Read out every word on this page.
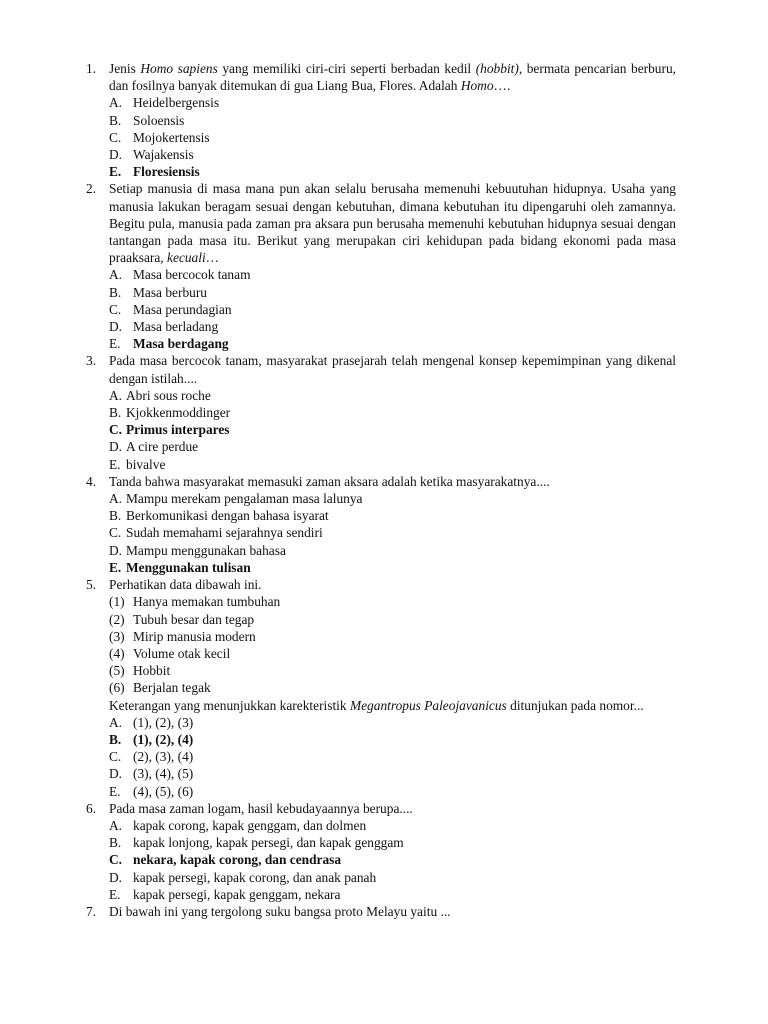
1. Jenis Homo sapiens yang memiliki ciri-ciri seperti berbadan kedil (hobbit), bermata pencarian berburu, dan fosilnya banyak ditemukan di gua Liang Bua, Flores. Adalah Homo….
A. Heidelbergensis
B. Soloensis
C. Mojokertensis
D. Wajakensis
E. Floresiensis
2. Setiap manusia di masa mana pun akan selalu berusaha memenuhi kebuutuhan hidupnya. Usaha yang manusia lakukan beragam sesuai dengan kebutuhan, dimana kebutuhan itu dipengaruhi oleh zamannya. Begitu pula, manusia pada zaman pra aksara pun berusaha memenuhi kebutuhan hidupnya sesuai dengan tantangan pada masa itu. Berikut yang merupakan ciri kehidupan pada bidang ekonomi pada masa praaksara, kecuali…
A. Masa bercocok tanam
B. Masa berburu
C. Masa perundagian
D. Masa berladang
E. Masa berdagang
3. Pada masa bercocok tanam, masyarakat prasejarah telah mengenal konsep kepemimpinan yang dikenal dengan istilah....
A. Abri sous roche
B. Kjokkenmoddinger
C. Primus interpares
D. A cire perdue
E. bivalve
4. Tanda bahwa masyarakat memasuki zaman aksara adalah ketika masyarakatnya....
A. Mampu merekam pengalaman masa lalunya
B. Berkomunikasi dengan bahasa isyarat
C. Sudah memahami sejarahnya sendiri
D. Mampu menggunakan bahasa
E. Menggunakan tulisan
5. Perhatikan data dibawah ini.
(1) Hanya memakan tumbuhan
(2) Tubuh besar dan tegap
(3) Mirip manusia modern
(4) Volume otak kecil
(5) Hobbit
(6) Berjalan tegak
Keterangan yang menunjukkan karekteristik Megantropus Paleojavanicus ditunjukan pada nomor...
A. (1), (2), (3)
B. (1), (2), (4)
C. (2), (3), (4)
D. (3), (4), (5)
E. (4), (5), (6)
6. Pada masa zaman logam, hasil kebudayaannya berupa....
A. kapak corong, kapak genggam, dan dolmen
B. kapak lonjong, kapak persegi, dan kapak genggam
C. nekara, kapak corong, dan cendrasa
D. kapak persegi, kapak corong, dan anak panah
E. kapak persegi, kapak genggam, nekara
7. Di bawah ini yang tergolong suku bangsa proto Melayu yaitu ...
